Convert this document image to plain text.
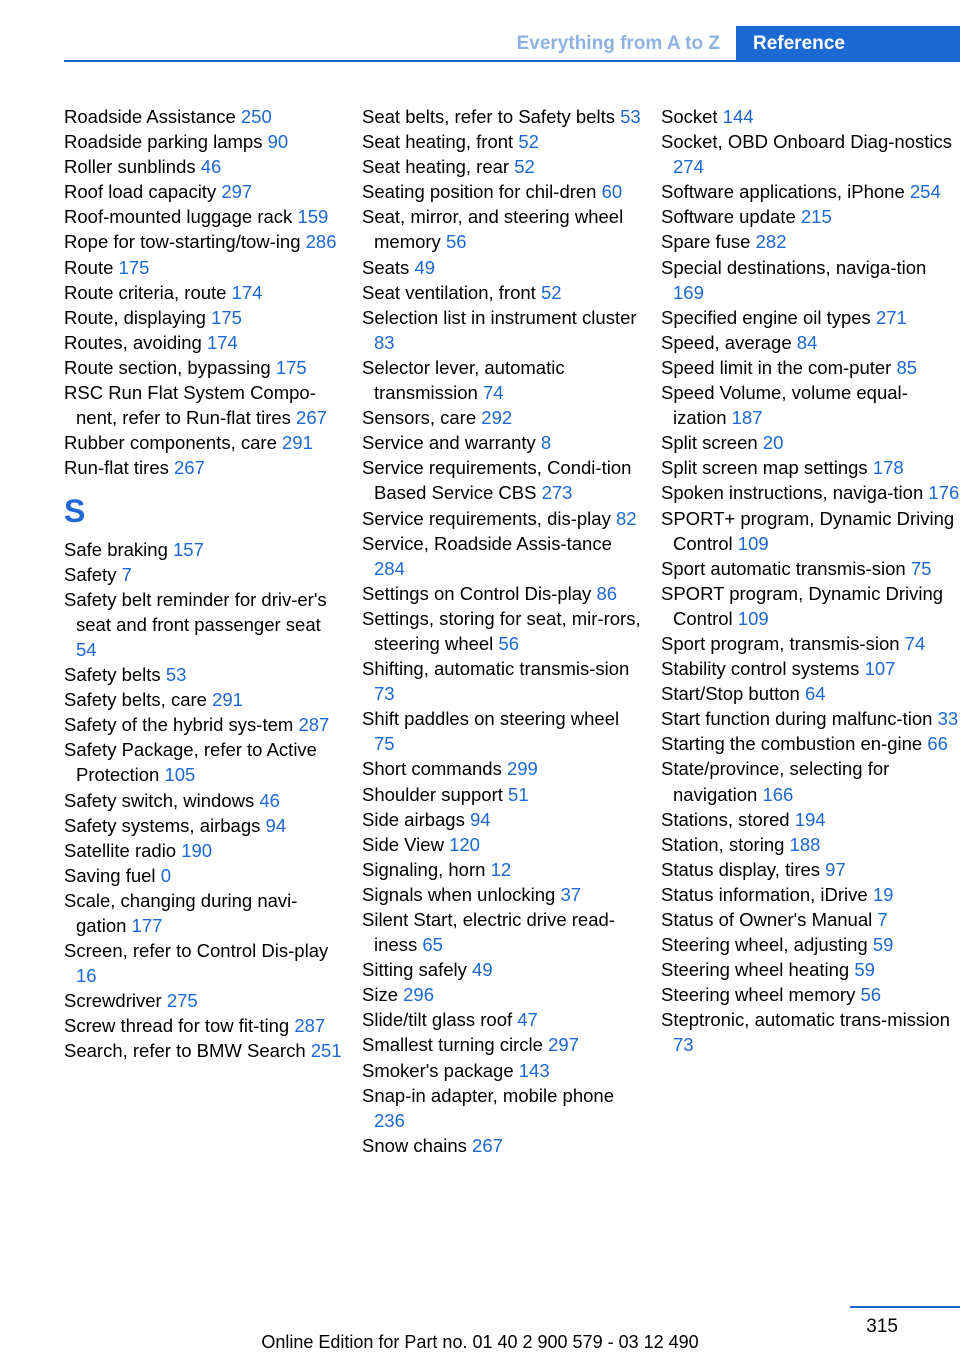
Everything from A to Z	Reference
Roadside Assistance 250
Roadside parking lamps 90
Roller sunblinds 46
Roof load capacity 297
Roof-mounted luggage rack 159
Rope for tow-starting/tow-ing 286
Route 175
Route criteria, route 174
Route, displaying 175
Routes, avoiding 174
Route section, bypassing 175
RSC Run Flat System Compo-nent, refer to Run-flat tires 267
Rubber components, care 291
Run-flat tires 267
S
Safe braking 157
Safety 7
Safety belt reminder for driv-er's seat and front passenger seat 54
Safety belts 53
Safety belts, care 291
Safety of the hybrid sys-tem 287
Safety Package, refer to Active Protection 105
Safety switch, windows 46
Safety systems, airbags 94
Satellite radio 190
Saving fuel 0
Scale, changing during navi-gation 177
Screen, refer to Control Dis-play 16
Screwdriver 275
Screw thread for tow fit-ting 287
Search, refer to BMW Search 251
Seat belts, refer to Safety belts 53
Seat heating, front 52
Seat heating, rear 52
Seating position for chil-dren 60
Seat, mirror, and steering wheel memory 56
Seats 49
Seat ventilation, front 52
Selection list in instrument cluster 83
Selector lever, automatic transmission 74
Sensors, care 292
Service and warranty 8
Service requirements, Condi-tion Based Service CBS 273
Service requirements, dis-play 82
Service, Roadside Assis-tance 284
Settings on Control Dis-play 86
Settings, storing for seat, mir-rors, steering wheel 56
Shifting, automatic transmis-sion 73
Shift paddles on steering wheel 75
Short commands 299
Shoulder support 51
Side airbags 94
Side View 120
Signaling, horn 12
Signals when unlocking 37
Silent Start, electric drive read-iness 65
Sitting safely 49
Size 296
Slide/tilt glass roof 47
Smallest turning circle 297
Smoker's package 143
Snap-in adapter, mobile phone 236
Snow chains 267
Socket 144
Socket, OBD Onboard Diag-nostics 274
Software applications, iPhone 254
Software update 215
Spare fuse 282
Special destinations, naviga-tion 169
Specified engine oil types 271
Speed, average 84
Speed limit in the com-puter 85
Speed Volume, volume equal-ization 187
Split screen 20
Split screen map settings 178
Spoken instructions, naviga-tion 176
SPORT+ program, Dynamic Driving Control 109
Sport automatic transmis-sion 75
SPORT program, Dynamic Driving Control 109
Sport program, transmis-sion 74
Stability control systems 107
Start/Stop button 64
Start function during malfunc-tion 33
Starting the combustion en-gine 66
State/province, selecting for navigation 166
Stations, stored 194
Station, storing 188
Status display, tires 97
Status information, iDrive 19
Status of Owner's Manual 7
Steering wheel, adjusting 59
Steering wheel heating 59
Steering wheel memory 56
Steptronic, automatic trans-mission 73
315
Online Edition for Part no. 01 40 2 900 579 - 03 12 490
